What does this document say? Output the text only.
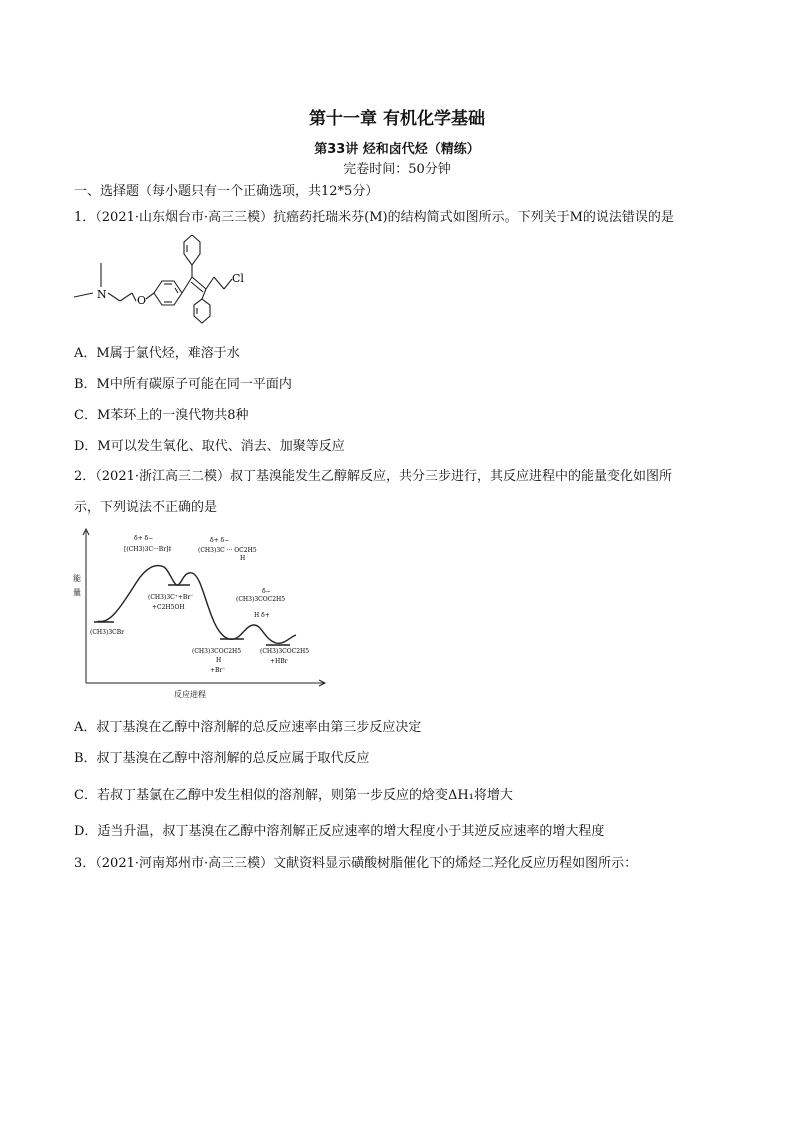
第十一章 有机化学基础
第33讲 烃和卤代烃（精练）
完卷时间：50分钟
一、选择题（每小题只有一个正确选项，共12*5分）
1．（2021·山东烟台市·高三三模）抗癌药托瑞米芬(M)的结构简式如图所示。下列关于M的说法错误的是
N	O
Cl
A．M属于氯代烃，难溶于水
B．M中所有碳原子可能在同一平面内
C．M苯环上的一溴代物共8种
D．M可以发生氧化、取代、消去、加聚等反应
2．（2021·浙江高三二模）叔丁基溴能发生乙醇解反应，共分三步进行，其反应进程中的能量变化如图所
示，下列说法不正确的是
能
量
反应进程
δ+ δ−
[(CH3)3C···Br]‡
δ+ δ−
(CH3)3C ··· OC2H5
H
δ−
(CH3)3COC2H5
H δ+
(CH3)3CBr
(CH3)3C⁺+Br⁻
+C2H5OH
(CH3)3COC2H5
H
+Br⁻
(CH3)3COC2H5
+HBr
A．叔丁基溴在乙醇中溶剂解的总反应速率由第三步反应决定
B．叔丁基溴在乙醇中溶剂解的总反应属于取代反应
C．若叔丁基氯在乙醇中发生相似的溶剂解，则第一步反应的焓变ΔH₁将增大
D．适当升温，叔丁基溴在乙醇中溶剂解正反应速率的增大程度小于其逆反应速率的增大程度
3．（2021·河南郑州市·高三三模）文献资料显示磺酸树脂催化下的烯烃二羟化反应历程如图所示：
